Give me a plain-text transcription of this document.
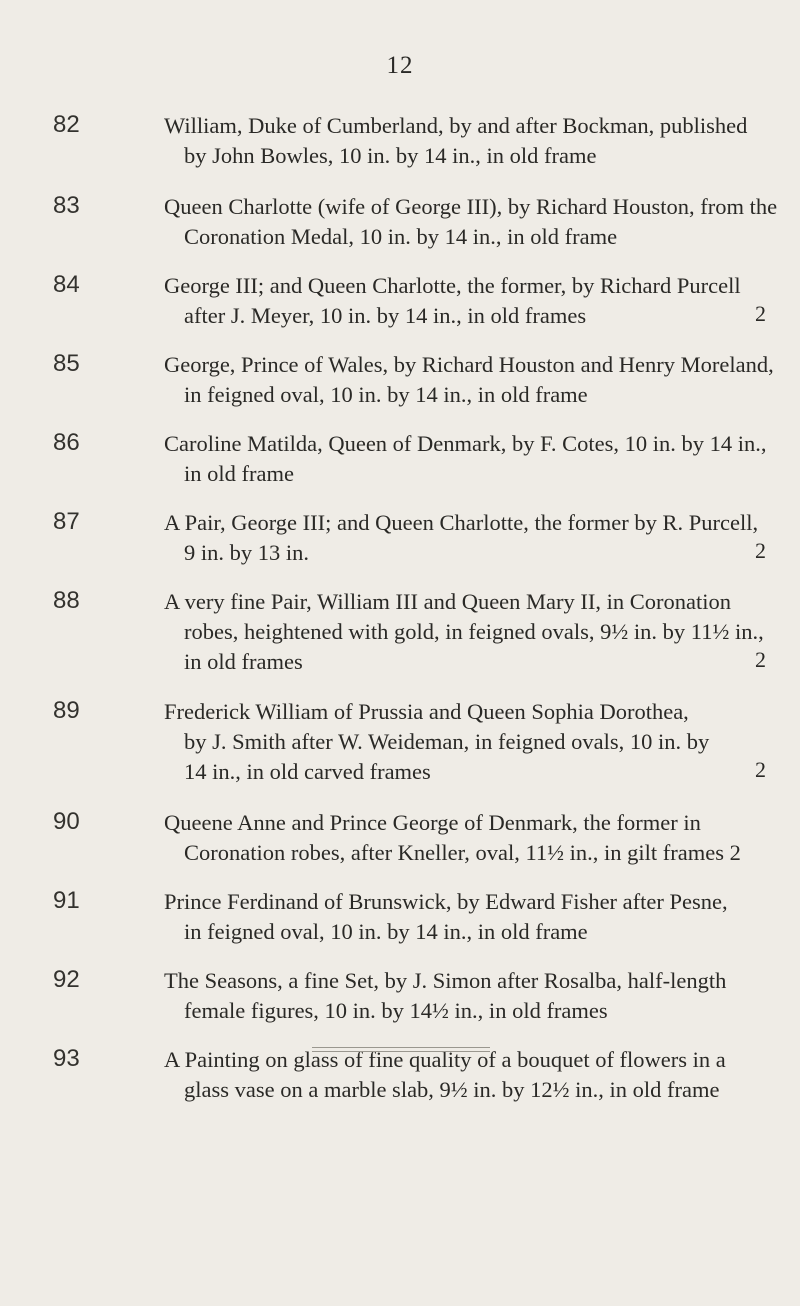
12
82	William, Duke of Cumberland, by and after Bockman, published
by John Bowles, 10 in. by 14 in., in old frame
83	Queen Charlotte (wife of George III), by Richard Houston, from the
Coronation Medal, 10 in. by 14 in., in old frame
84	George III; and Queen Charlotte, the former, by Richard Purcell
after J. Meyer, 10 in. by 14 in., in old frames	2
85	George, Prince of Wales, by Richard Houston and Henry Moreland,
in feigned oval, 10 in. by 14 in., in old frame
86	Caroline Matilda, Queen of Denmark, by F. Cotes, 10 in. by 14 in.,
in old frame
87	A Pair, George III; and Queen Charlotte, the former by R. Purcell,
9 in. by 13 in.	2
88	A very fine Pair, William III and Queen Mary II, in Coronation
robes, heightened with gold, in feigned ovals, 9½ in. by 11½ in.,
in old frames	2
89	Frederick William of Prussia and Queen Sophia Dorothea,
by J. Smith after W. Weideman, in feigned ovals, 10 in. by
14 in., in old carved frames	2
90	Queene Anne and Prince George of Denmark, the former in
Coronation robes, after Kneller, oval, 11½ in., in gilt frames 2
91	Prince Ferdinand of Brunswick, by Edward Fisher after Pesne,
in feigned oval, 10 in. by 14 in., in old frame
92	The Seasons, a fine Set, by J. Simon after Rosalba, half-length
female figures, 10 in. by 14½ in., in old frames
93	A Painting on glass of fine quality of a bouquet of flowers in a
glass vase on a marble slab, 9½ in. by 12½ in., in old frame
